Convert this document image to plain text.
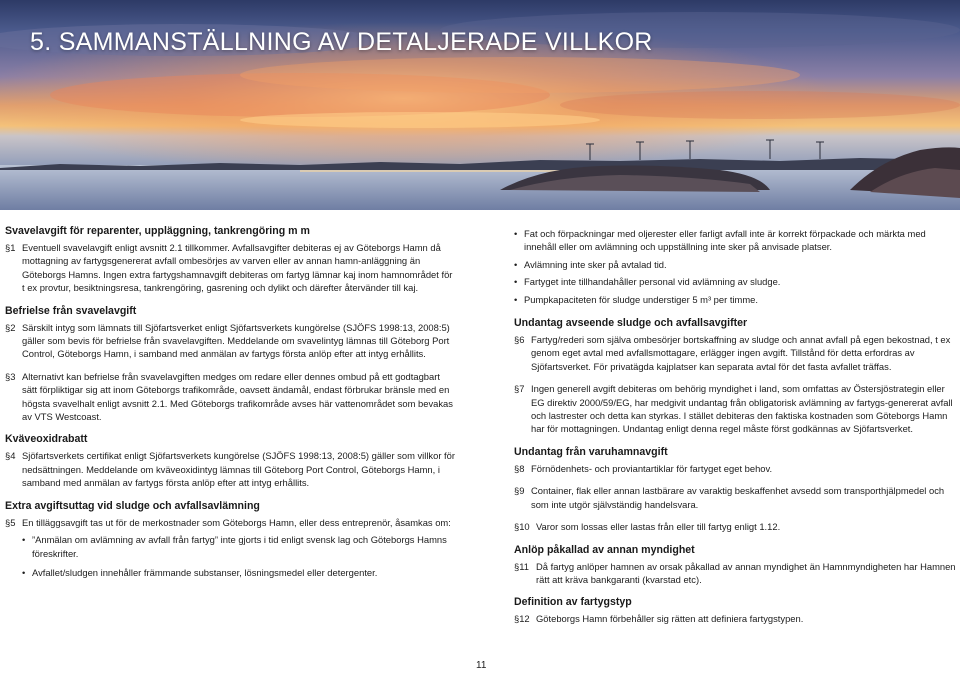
5. SAMMANSTÄLLNING AV DETALJERADE VILLKOR
Svavelavgift för reparenter, uppläggning, tankrengöring m m
§1 Eventuell svavelavgift enligt avsnitt 2.1 tillkommer. Avfallsavgifter debiteras ej av Göteborgs Hamn då mottagning av fartygsgenererat avfall ombesörjes av varven eller av annan hamn-anläggning än Göteborgs Hamns. Ingen extra fartygshamnavgift debiteras om fartyg lämnar kaj inom hamnområdet för t ex provtur, besiktningsresa, tankrengöring, gasrening och dylikt och därefter återvänder till kaj.
Befrielse från svavelavgift
§2 Särskilt intyg som lämnats till Sjöfartsverket enligt Sjöfartsverkets kungörelse (SJÖFS 1998:13, 2008:5) gäller som bevis för befrielse från svavelavgiften. Meddelande om svavelintyg lämnas till Göteborg Port Control, Göteborgs Hamn, i samband med anmälan av fartygs första anlöp efter att intyg erhållits.
§3 Alternativt kan befrielse från svavelavgiften medges om redare eller dennes ombud på ett godtagbart sätt förpliktigar sig att inom Göteborgs trafikområde, oavsett ändamål, endast förbrukar bränsle med en högsta svavelhalt enligt avsnitt 2.1. Med Göteborgs trafikområde avses här vattenområdet som bevakas av VTS Westcoast.
Kväveoxidrabatt
§4 Sjöfartsverkets certifikat enligt Sjöfartsverkets kungörelse (SJÖFS 1998:13, 2008:5) gäller som villkor för nedsättningen. Meddelande om kväveoxidintyg lämnas till Göteborg Port Control, Göteborgs Hamn, i samband med anmälan av fartygs första anlöp efter att intyg erhållits.
Extra avgiftsuttag vid sludge och avfallsavlämning
§5 En tilläggsavgift tas ut för de merkostnader som Göteborgs Hamn, eller dess entreprenör, åsamkas om:
• ”Anmälan om avlämning av avfall från fartyg” inte gjorts i tid enligt svensk lag och Göteborgs Hamns föreskrifter.
• Avfallet/sludgen innehåller främmande substanser, lösningsmedel eller detergenter.
• Fat och förpackningar med oljerester eller farligt avfall inte är korrekt förpackade och märkta med innehåll eller om avlämning och uppställning inte sker på anvisade platser.
• Avlämning inte sker på avtalad tid.
• Fartyget inte tillhandahåller personal vid avlämning av sludge.
• Pumpkapaciteten för sludge understiger 5 m³ per timme.
Undantag avseende sludge och avfallsavgifter
§6 Fartyg/rederi som själva ombesörjer bortskaffning av sludge och annat avfall på egen bekostnad, t ex genom eget avtal med avfallsmottagare, erlägger ingen avgift. Tillstånd för detta erfordras av Sjöfartsverket. För privatägda kajplatser kan separata avtal för det fasta avfallet träffas.
§7 Ingen generell avgift debiteras om behörig myndighet i land, som omfattas av Östersjöstrategin eller EG direktiv 2000/59/EG, har medgivit undantag från obligatorisk avlämning av fartygs-genererat avfall och lastrester och detta kan styrkas. I stället debiteras den faktiska kostnaden som Göteborgs Hamn har för mottagningen. Undantag enligt denna regel måste först godkännas av Sjöfartsverket.
Undantag från varuhamnavgift
§8 Förnödenhets- och proviantartiklar för fartyget eget behov.
§9 Container, flak eller annan lastbärare av varaktig beskaffenhet avsedd som transporthjälpmedel och som inte utgör självständig handelsvara.
§10 Varor som lossas eller lastas från eller till fartyg enligt 1.12.
Anlöp påkallad av annan myndighet
§11 Då fartyg anlöper hamnen av orsak påkallad av annan myndighet än Hamnmyndigheten har Hamnen rätt att kräva bankgaranti (kvarstad etc).
Definition av fartygstyp
§12 Göteborgs Hamn förbehåller sig rätten att definiera fartygstypen.
11
